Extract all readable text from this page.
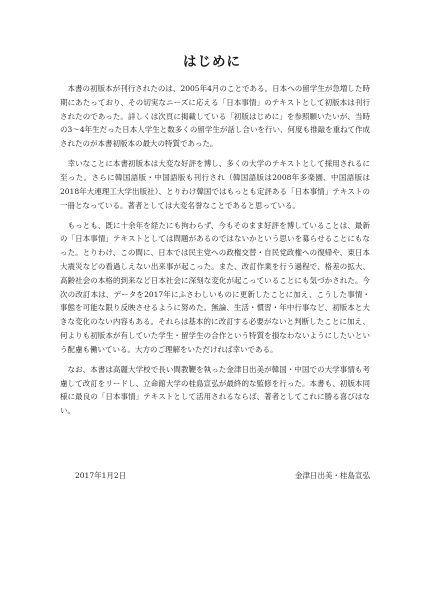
はじめに

本書の初版本が刊行されたのは、2005年4月のことである。日本への留学生が急増した時期にあたっており、その切実なニーズに応える「日本事情」のテキストとして初版本は刊行されたのであった。詳しくは次頁に掲載している「初版はじめに」を参照願いたいが、当時の3〜4年生だった日本人学生と数多くの留学生が話し合いを行い、何度も推敲を重ねて作成されたのが本書初版本の最大の特質であった。

幸いなことに本書初版本は大変な好評を博し、多くの大学のテキストとして採用されるに至った。さらに韓国語版・中国語版も刊行され（韓国語版は2008年多楽園、中国語版は2018年大連理工大学出版社）、とりわけ韓国ではもっとも定評ある「日本事情」テキストの一冊となっている。著者としては大変名誉なことであると思っている。

もっとも、既に十余年を経たにも拘わらず、今もそのまま好評を博していることは、最新の「日本事情」テキストとしては問題があるのではないかという思いを募らせることにもなった。とりわけ、この間に、日本では民主党への政権交替・自民党政権への復帰や、東日本大震災などの看過しえない出来事が起こった。また、改訂作業を行う過程で、格差の拡大、高齢社会の本格的到来など日本社会に深刻な変化が起こっていることにも気づかされた。今次の改訂本は、データを2017年にふさわしいものに更新したことに加え、こうした事情・事態を可能な限り反映させるように努めた。無論、生活・慣習・年中行事など、初版本と大きな変化のない内容もある。それらは基本的に改訂する必要がないと判断したことに加え、何よりも初版本が有していた学生・留学生の合作という特質を損なわないようにしたいという配慮も働いている。大方のご理解をいただければ幸いである。

なお、本書は高麗大学校で長い間教鞭を執った金津日出美が韓国・中国での大学事情も考慮して改訂をリードし、立命館大学の桂島宣弘が最終的な監修を行った。本書も、初版本同様に最良の「日本事情」テキストとして活用されるならば、著者としてこれに勝る喜びはない。

2017年1月2日	金津日出美・桂島宣弘
